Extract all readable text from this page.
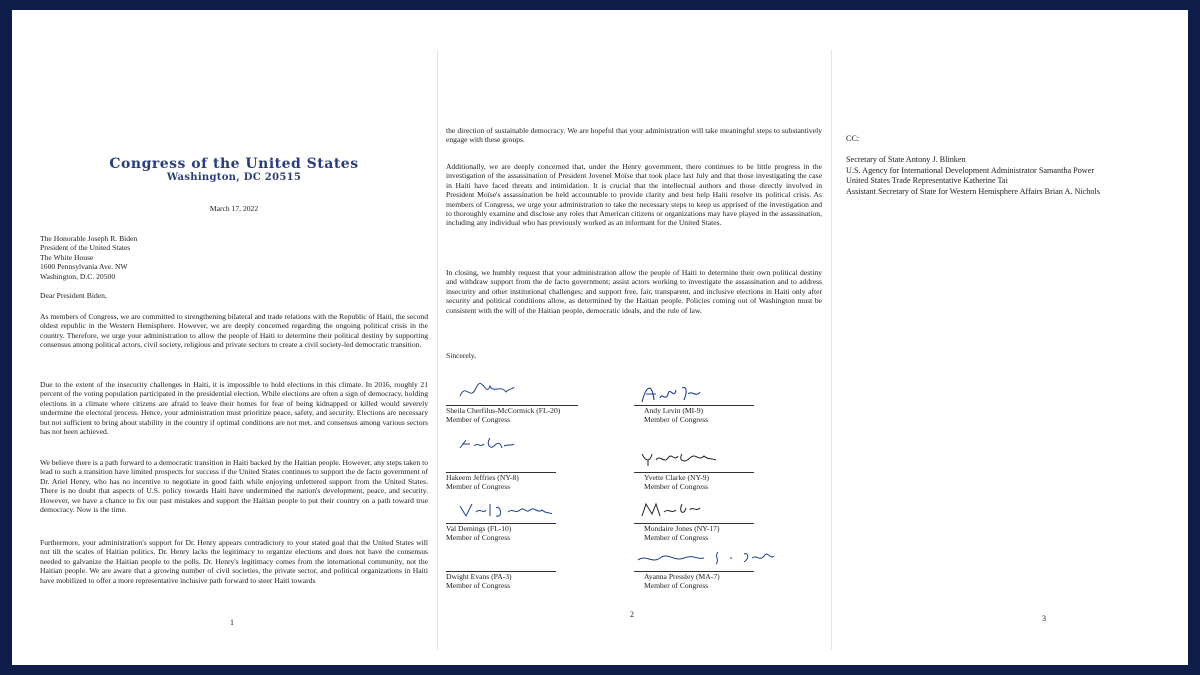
Congress of the United States
Washington, DC 20515
March 17, 2022
The Honorable Joseph R. Biden
President of the United States
The White House
1600 Pennsylvania Ave. NW
Washington, D.C. 20500
Dear President Biden,

As members of Congress, we are committed to strengthening bilateral and trade relations with the Republic of Haiti, the second oldest republic in the Western Hemisphere. However, we are deeply concerned regarding the ongoing political crisis in the country. Therefore, we urge your administration to allow the people of Haiti to determine their political destiny by supporting consensus among political actors, civil society, religious and private sectors to create a civil society-led democratic transition.

Due to the extent of the insecurity challenges in Haiti, it is impossible to hold elections in this climate. In 2016, roughly 21 percent of the voting population participated in the presidential election. While elections are often a sign of democracy, holding elections in a climate where citizens are afraid to leave their homes for fear of being kidnapped or killed would severely undermine the electoral process. Hence, your administration must prioritize peace, safety, and security. Elections are necessary but not sufficient to bring about stability in the country if optimal conditions are not met, and consensus among various sectors has not been achieved.

We believe there is a path forward to a democratic transition in Haiti backed by the Haitian people. However, any steps taken to lead to such a transition have limited prospects for success if the United States continues to support the de facto government of Dr. Ariel Henry, who has no incentive to negotiate in good faith while enjoying unfettered support from the United States. There is no doubt that aspects of U.S. policy towards Haiti have undermined the nation's development, peace, and security. However, we have a chance to fix our past mistakes and support the Haitian people to put their country on a path toward true democracy. Now is the time.

Furthermore, your administration's support for Dr. Henry appears contradictory to your stated goal that the United States will not tilt the scales of Haitian politics. Dr. Henry lacks the legitimacy to organize elections and does not have the consensus needed to galvanize the Haitian people to the polls. Dr. Henry's legitimacy comes from the international community, not the Haitian people. We are aware that a growing number of civil societies, the private sector, and political organizations in Haiti have mobilized to offer a more representative inclusive path forward to steer Haiti towards

1

the direction of sustainable democracy. We are hopeful that your administration will take meaningful steps to substantively engage with these groups.

Additionally, we are deeply concerned that, under the Henry government, there continues to be little progress in the investigation of the assassination of President Jovenel Moïse that took place last July and that those investigating the case in Haiti have faced threats and intimidation. It is crucial that the intellectual authors and those directly involved in President Moïse's assassination be held accountable to provide clarity and best help Haiti resolve its political crisis. As members of Congress, we urge your administration to take the necessary steps to keep us apprised of the investigation and to thoroughly examine and disclose any roles that American citizens or organizations may have played in the assassination, including any individual who has previously worked as an informant for the United States.

In closing, we humbly request that your administration allow the people of Haiti to determine their own political destiny and withdraw support from the de facto government; assist actors working to investigate the assassination and to address insecurity and other institutional challenges; and support free, fair, transparent, and inclusive elections in Haiti only after security and political conditions allow, as determined by the Haitian people. Policies coming out of Washington must be consistent with the will of the Haitian people, democratic ideals, and the rule of law.

Sincerely,
Sheila Cherfilus-McCormick (FL-20)
Member of Congress
Andy Levin (MI-9)
Member of Congress
Hakeem Jeffries (NY-8)
Member of Congress
Yvette Clarke (NY-9)
Member of Congress
Val Demings (FL-10)
Member of Congress
Mondaire Jones (NY-17)
Member of Congress
Dwight Evans (PA-3)
Member of Congress
Ayanna Pressley (MA-7)
Member of Congress
2
CC:
Secretary of State Antony J. Blinken
U.S. Agency for International Development Administrator Samantha Power
United States Trade Representative Katherine Tai
Assistant Secretary of State for Western Hemisphere Affairs Brian A. Nichols
3
